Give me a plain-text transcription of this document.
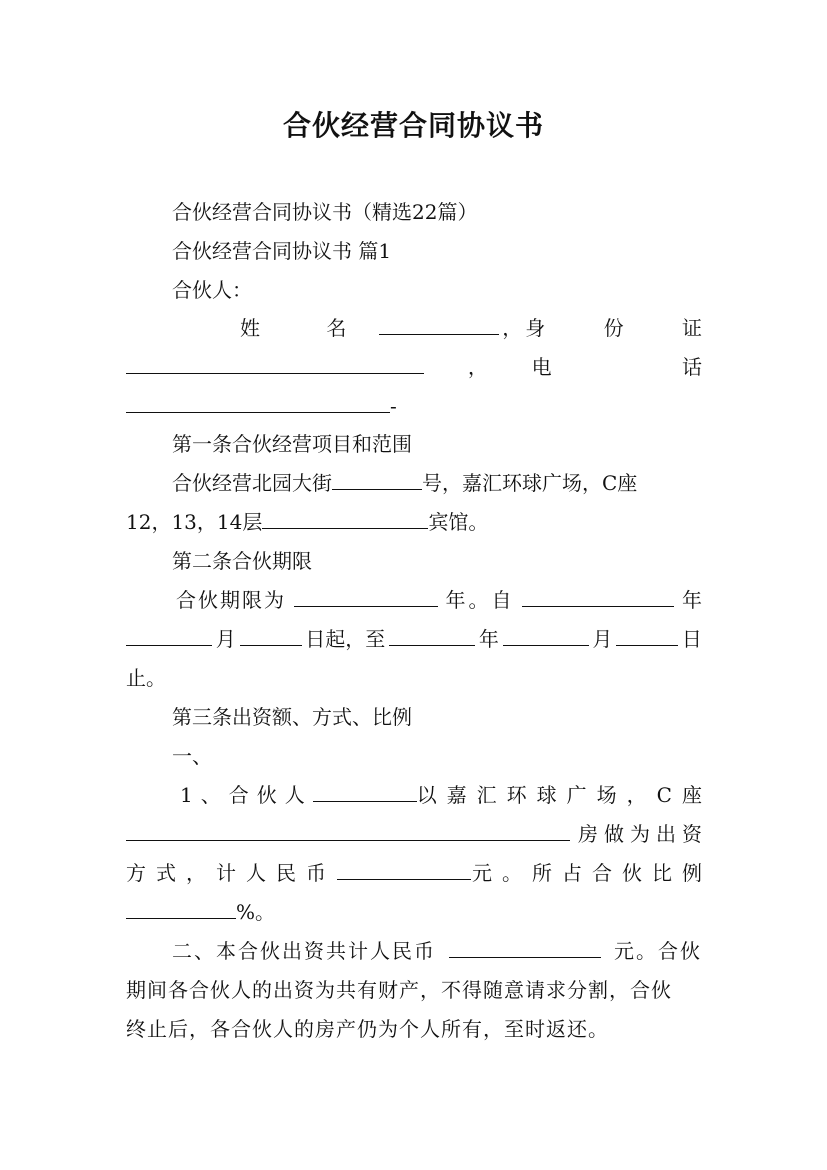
合伙经营合同协议书
合伙经营合同协议书（精选22篇）
合伙经营合同协议书 篇1
合伙人：
姓 名	， 身 份 证
， 电 话
-
第一条合伙经营项目和范围
合伙经营北园大街	号，嘉汇环球广场，C座
12，13，14层	宾馆。
第二条合伙期限
合伙期限为	年。自	年
月	日起，至	年	月	日
止。
第三条出资额、方式、比例
一、
1、合伙人	以嘉汇环球广场，C座
房做为出资
方式，计人民币	元。所占合伙比例
%。
二、本合伙出资共计人民币	元。合伙
期间各合伙人的出资为共有财产，不得随意请求分割，合伙
终止后，各合伙人的房产仍为个人所有，至时返还。
